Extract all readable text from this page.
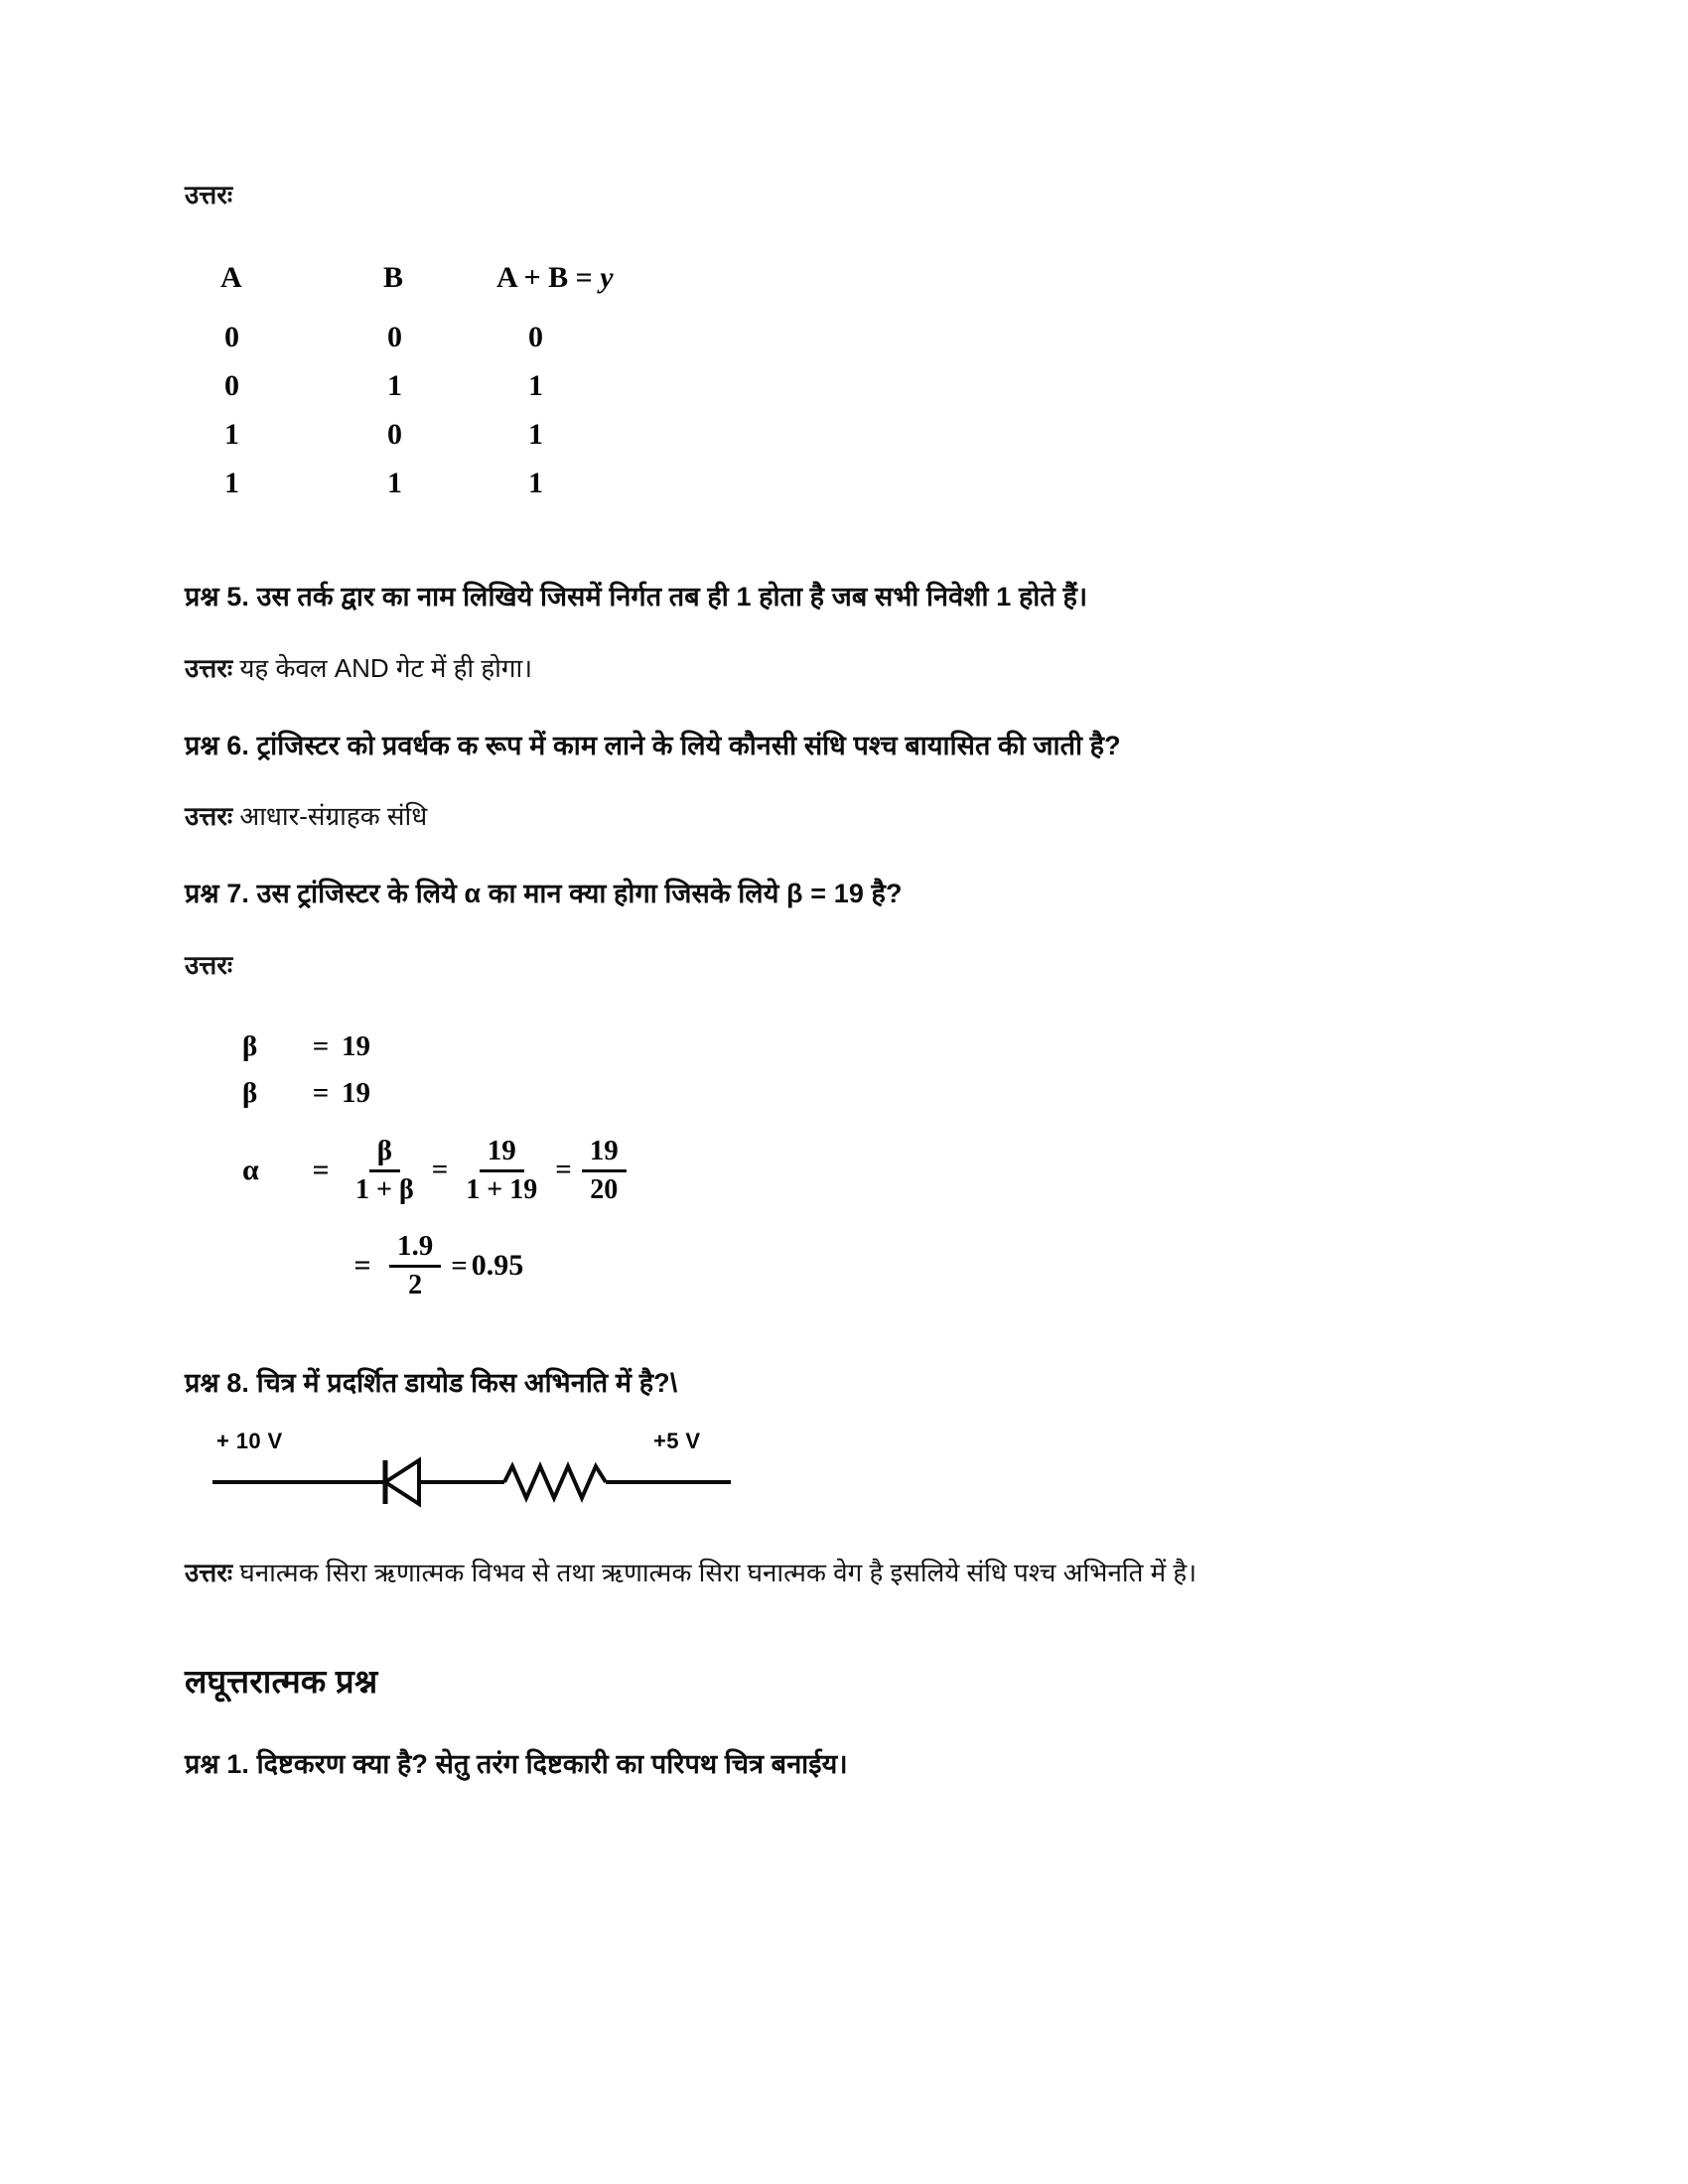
उत्तरः
A	B	A + B = y
0	0	0
0	1	1
1	0	1
1	1	1
प्रश्न 5. उस तर्क द्वार का नाम लिखिये जिसमें निर्गत तब ही 1 होता है जब सभी निवेशी 1 होते हैं।
उत्तरः यह केवल AND गेट में ही होगा।
प्रश्न 6. ट्रांजिस्टर को प्रवर्धक क रूप में काम लाने के लिये कौनसी संधि पश्च बायासित की जाती है?
उत्तरः आधार-संग्राहक संधि
प्रश्न 7. उस ट्रांजिस्टर के लिये α का मान क्या होगा जिसके लिये β = 19 है?
उत्तरः
β	= 19
β	= 19
α	= $\frac{\beta}{1 + \beta} = \frac{19}{1 + 19} = \frac{19}{20}$
= $\frac{1.9}{2} = 0.95$
प्रश्न 8. चित्र में प्रदर्शित डायोड किस अभिनति में है?\
+ 10 V	+5 V
उत्तरः घनात्मक सिरा ऋणात्मक विभव से तथा ऋणात्मक सिरा घनात्मक वेग है इसलिये संधि पश्च अभिनति में है।
लघूत्तरात्मक प्रश्न
प्रश्न 1. दिष्टकरण क्या है? सेतु तरंग दिष्टकारी का परिपथ चित्र बनाईय।
